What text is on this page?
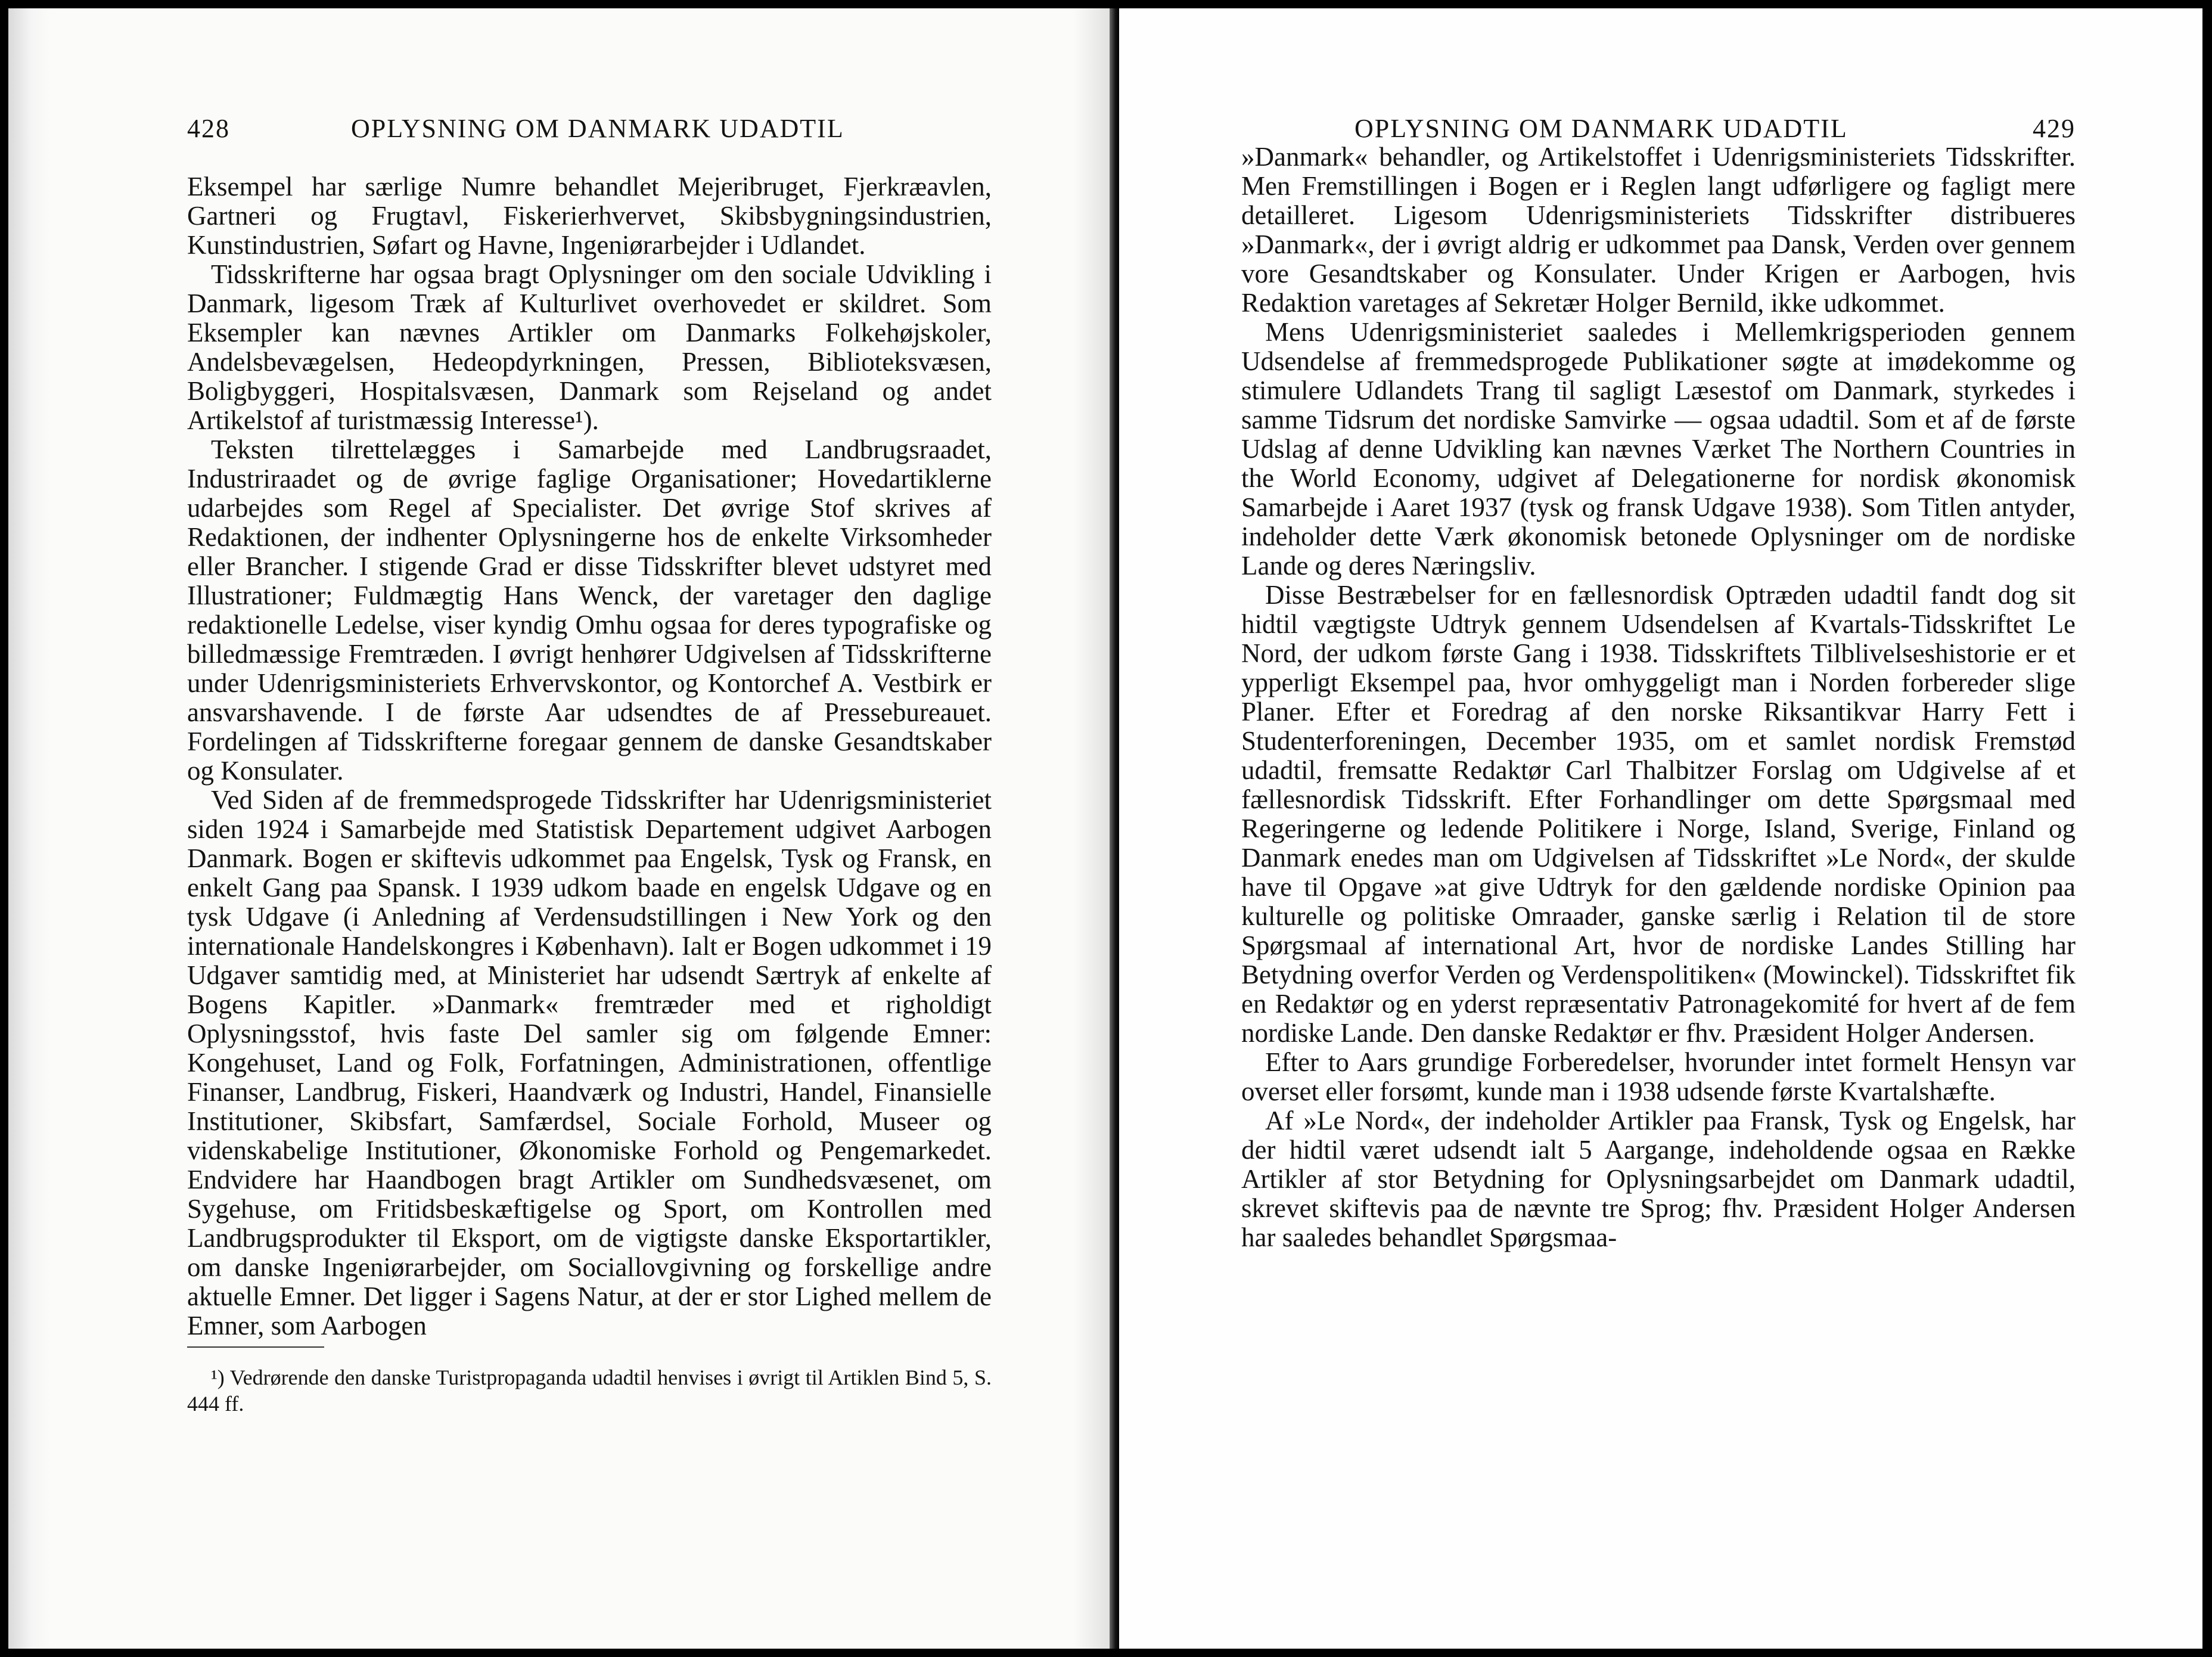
428	OPLYSNING OM DANMARK UDADTIL

Eksempel har særlige Numre behandlet Mejeribruget, Fjerkræavlen, Gartneri og Frugtavl, Fiskerierhvervet, Skibsbygningsindustrien, Kunstindustrien, Søfart og Havne, Ingeniørarbejder i Udlandet.

Tidsskrifterne har ogsaa bragt Oplysninger om den sociale Udvikling i Danmark, ligesom Træk af Kulturlivet overhovedet er skildret. Som Eksempler kan nævnes Artikler om Danmarks Folkehøjskoler, Andelsbevægelsen, Hedeopdyrkningen, Pressen, Biblioteksvæsen, Boligbyggeri, Hospitalsvæsen, Danmark som Rejseland og andet Artikelstof af turistmæssig Interesse¹).

Teksten tilrettelægges i Samarbejde med Landbrugsraadet, Industriraadet og de øvrige faglige Organisationer; Hovedartiklerne udarbejdes som Regel af Specialister. Det øvrige Stof skrives af Redaktionen, der indhenter Oplysningerne hos de enkelte Virksomheder eller Brancher. I stigende Grad er disse Tidsskrifter blevet udstyret med Illustrationer; Fuldmægtig Hans Wenck, der varetager den daglige redaktionelle Ledelse, viser kyndig Omhu ogsaa for deres typografiske og billedmæssige Fremtræden. I øvrigt henhører Udgivelsen af Tidsskrifterne under Udenrigsministeriets Erhvervskontor, og Kontorchef A. Vestbirk er ansvarshavende. I de første Aar udsendtes de af Pressebureauet. Fordelingen af Tidsskrifterne foregaar gennem de danske Gesandtskaber og Konsulater.

Ved Siden af de fremmedsprogede Tidsskrifter har Udenrigsministeriet siden 1924 i Samarbejde med Statistisk Departement udgivet Aarbogen Danmark. Bogen er skiftevis udkommet paa Engelsk, Tysk og Fransk, en enkelt Gang paa Spansk. I 1939 udkom baade en engelsk Udgave og en tysk Udgave (i Anledning af Verdensudstillingen i New York og den internationale Handelskongres i København). Ialt er Bogen udkommet i 19 Udgaver samtidig med, at Ministeriet har udsendt Særtryk af enkelte af Bogens Kapitler. »Danmark« fremtræder med et righoldigt Oplysningsstof, hvis faste Del samler sig om følgende Emner: Kongehuset, Land og Folk, Forfatningen, Administrationen, offentlige Finanser, Landbrug, Fiskeri, Haandværk og Industri, Handel, Finansielle Institutioner, Skibsfart, Samfærdsel, Sociale Forhold, Museer og videnskabelige Institutioner, Økonomiske Forhold og Pengemarkedet. Endvidere har Haandbogen bragt Artikler om Sundhedsvæsenet, om Sygehuse, om Fritidsbeskæftigelse og Sport, om Kontrollen med Landbrugsprodukter til Eksport, om de vigtigste danske Eksportartikler, om danske Ingeniørarbejder, om Sociallovgivning og forskellige andre aktuelle Emner. Det ligger i Sagens Natur, at der er stor Lighed mellem de Emner, som Aarbogen

¹) Vedrørende den danske Turistpropaganda udadtil henvises i øvrigt til Artiklen Bind 5, S. 444 ff.
OPLYSNING OM DANMARK UDADTIL	429

»Danmark« behandler, og Artikelstoffet i Udenrigsministeriets Tidsskrifter. Men Fremstillingen i Bogen er i Reglen langt udførligere og fagligt mere detailleret. Ligesom Udenrigsministeriets Tidsskrifter distribueres »Danmark«, der i øvrigt aldrig er udkommet paa Dansk, Verden over gennem vore Gesandtskaber og Konsulater. Under Krigen er Aarbogen, hvis Redaktion varetages af Sekretær Holger Bernild, ikke udkommet.

Mens Udenrigsministeriet saaledes i Mellemkrigsperioden gennem Udsendelse af fremmedsprogede Publikationer søgte at imødekomme og stimulere Udlandets Trang til sagligt Læsestof om Danmark, styrkedes i samme Tidsrum det nordiske Samvirke — ogsaa udadtil. Som et af de første Udslag af denne Udvikling kan nævnes Værket The Northern Countries in the World Economy, udgivet af Delegationerne for nordisk økonomisk Samarbejde i Aaret 1937 (tysk og fransk Udgave 1938). Som Titlen antyder, indeholder dette Værk økonomisk betonede Oplysninger om de nordiske Lande og deres Næringsliv.

Disse Bestræbelser for en fællesnordisk Optræden udadtil fandt dog sit hidtil vægtigste Udtryk gennem Udsendelsen af Kvartals-Tidsskriftet Le Nord, der udkom første Gang i 1938. Tidsskriftets Tilblivelseshistorie er et ypperligt Eksempel paa, hvor omhyggeligt man i Norden forbereder slige Planer. Efter et Foredrag af den norske Riksantikvar Harry Fett i Studenterforeningen, December 1935, om et samlet nordisk Fremstød udadtil, fremsatte Redaktør Carl Thalbitzer Forslag om Udgivelse af et fællesnordisk Tidsskrift. Efter Forhandlinger om dette Spørgsmaal med Regeringerne og ledende Politikere i Norge, Island, Sverige, Finland og Danmark enedes man om Udgivelsen af Tidsskriftet »Le Nord«, der skulde have til Opgave »at give Udtryk for den gældende nordiske Opinion paa kulturelle og politiske Omraader, ganske særlig i Relation til de store Spørgsmaal af international Art, hvor de nordiske Landes Stilling har Betydning overfor Verden og Verdenspolitiken« (Mowinckel). Tidsskriftet fik en Redaktør og en yderst repræsentativ Patronagekomité for hvert af de fem nordiske Lande. Den danske Redaktør er fhv. Præsident Holger Andersen.

Efter to Aars grundige Forberedelser, hvorunder intet formelt Hensyn var overset eller forsømt, kunde man i 1938 udsende første Kvartalshæfte.

Af »Le Nord«, der indeholder Artikler paa Fransk, Tysk og Engelsk, har der hidtil været udsendt ialt 5 Aargange, indeholdende ogsaa en Række Artikler af stor Betydning for Oplysningsarbejdet om Danmark udadtil, skrevet skiftevis paa de nævnte tre Sprog; fhv. Præsident Holger Andersen har saaledes behandlet Spørgsmaa-
